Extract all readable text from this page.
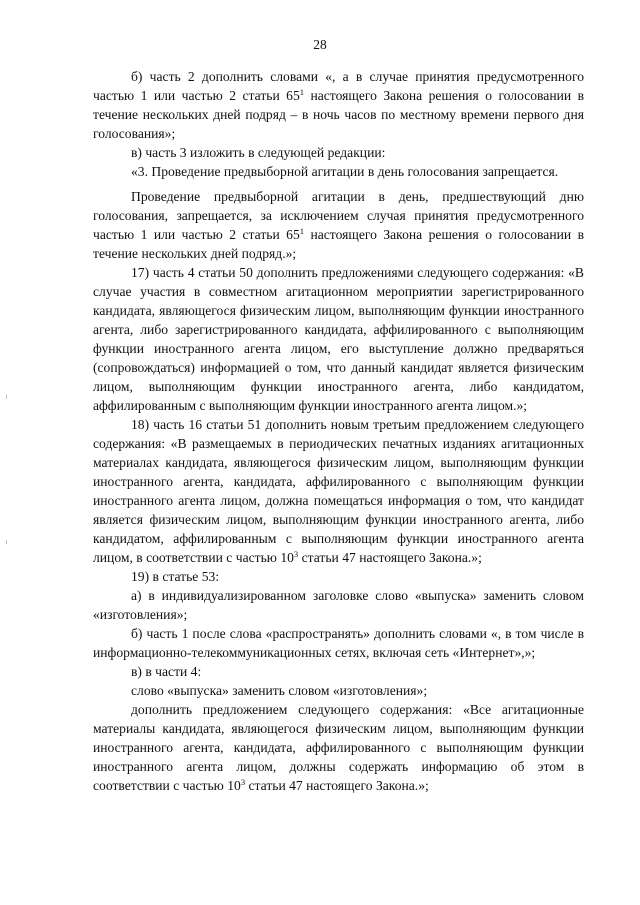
28

б) часть 2 дополнить словами «, а в случае принятия предусмотренного частью 1 или частью 2 статьи $65^1$ настоящего Закона решения о голосовании в течение нескольких дней подряд – в ночь часов по местному времени первого дня голосования»;

в) часть 3 изложить в следующей редакции:

«3. Проведение предвыборной агитации в день голосования запрещается.

Проведение предвыборной агитации в день, предшествующий дню голосования, запрещается, за исключением случая принятия предусмотренного частью 1 или частью 2 статьи $65^1$ настоящего Закона решения о голосовании в течение нескольких дней подряд.»;

17) часть 4 статьи 50 дополнить предложениями следующего содержания: «В случае участия в совместном агитационном мероприятии зарегистрированного кандидата, являющегося физическим лицом, выполняющим функции иностранного агента, либо зарегистрированного кандидата, аффилированного с выполняющим функции иностранного агента лицом, его выступление должно предваряться (сопровождаться) информацией о том, что данный кандидат является физическим лицом, выполняющим функции иностранного агента, либо кандидатом, аффилированным с выполняющим функции иностранного агента лицом.»;

18) часть 16 статьи 51 дополнить новым третьим предложением следующего содержания: «В размещаемых в периодических печатных изданиях агитационных материалах кандидата, являющегося физическим лицом, выполняющим функции иностранного агента, кандидата, аффилированного с выполняющим функции иностранного агента лицом, должна помещаться информация о том, что кандидат является физическим лицом, выполняющим функции иностранного агента, либо кандидатом, аффилированным с выполняющим функции иностранного агента лицом, в соответствии с частью $10^3$ статьи 47 настоящего Закона.»;

19) в статье 53:

а) в индивидуализированном заголовке слово «выпуска» заменить словом «изготовления»;

б) часть 1 после слова «распространять» дополнить словами «, в том числе в информационно-телекоммуникационных сетях, включая сеть «Интернет»,»;

в) в части 4:

слово «выпуска» заменить словом «изготовления»;

дополнить предложением следующего содержания: «Все агитационные материалы кандидата, являющегося физическим лицом, выполняющим функции иностранного агента, кандидата, аффилированного с выполняющим функции иностранного агента лицом, должны содержать информацию об этом в соответствии с частью $10^3$ статьи 47 настоящего Закона.»;
